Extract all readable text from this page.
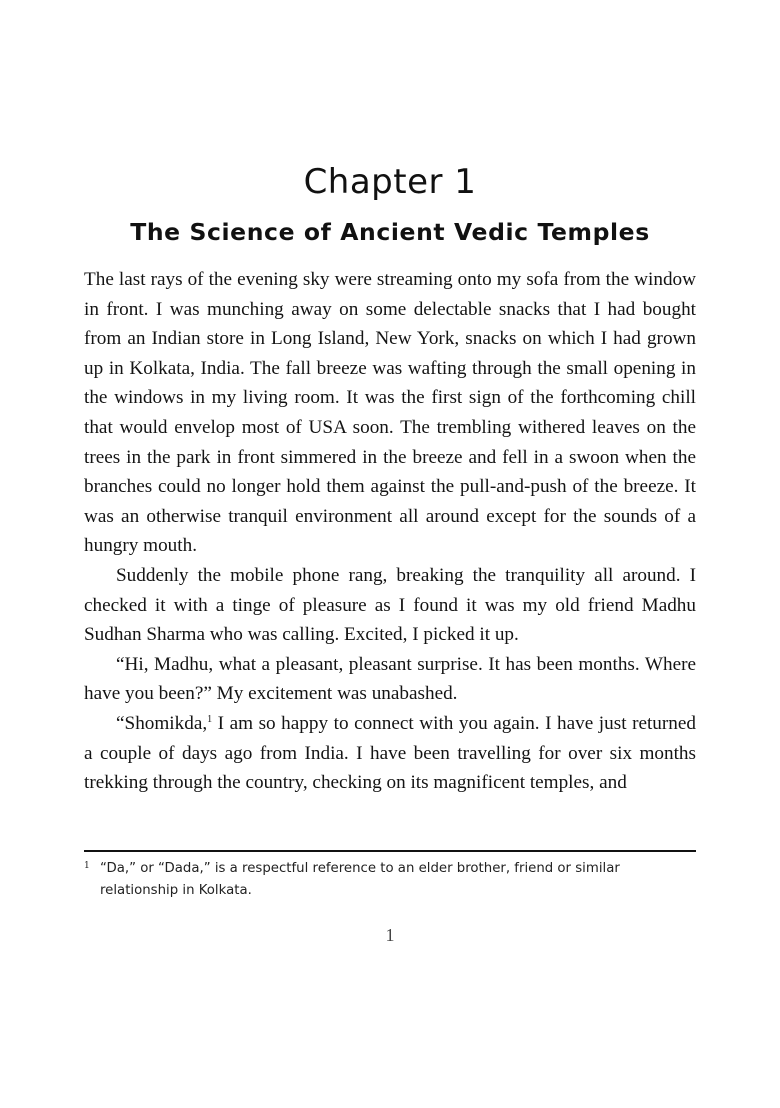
Chapter 1
The Science of Ancient Vedic Temples

The last rays of the evening sky were streaming onto my sofa from the window in front. I was munching away on some delectable snacks that I had bought from an Indian store in Long Island, New York, snacks on which I had grown up in Kolkata, India. The fall breeze was wafting through the small opening in the windows in my living room. It was the first sign of the forthcoming chill that would envelop most of USA soon. The trembling withered leaves on the trees in the park in front simmered in the breeze and fell in a swoon when the branches could no longer hold them against the pull-and-push of the breeze. It was an otherwise tranquil environment all around except for the sounds of a hungry mouth.

Suddenly the mobile phone rang, breaking the tranquility all around. I checked it with a tinge of pleasure as I found it was my old friend Madhu Sudhan Sharma who was calling. Excited, I picked it up.

“Hi, Madhu, what a pleasant, pleasant surprise. It has been months. Where have you been?” My excitement was unabashed.

“Shomikda,$^1$ I am so happy to connect with you again. I have just returned a couple of days ago from India. I have been travelling for over six months trekking through the country, checking on its magnificent temples, and

1 “Da,” or “Dada,” is a respectful reference to an elder brother, friend or similar relationship in Kolkata.
1
